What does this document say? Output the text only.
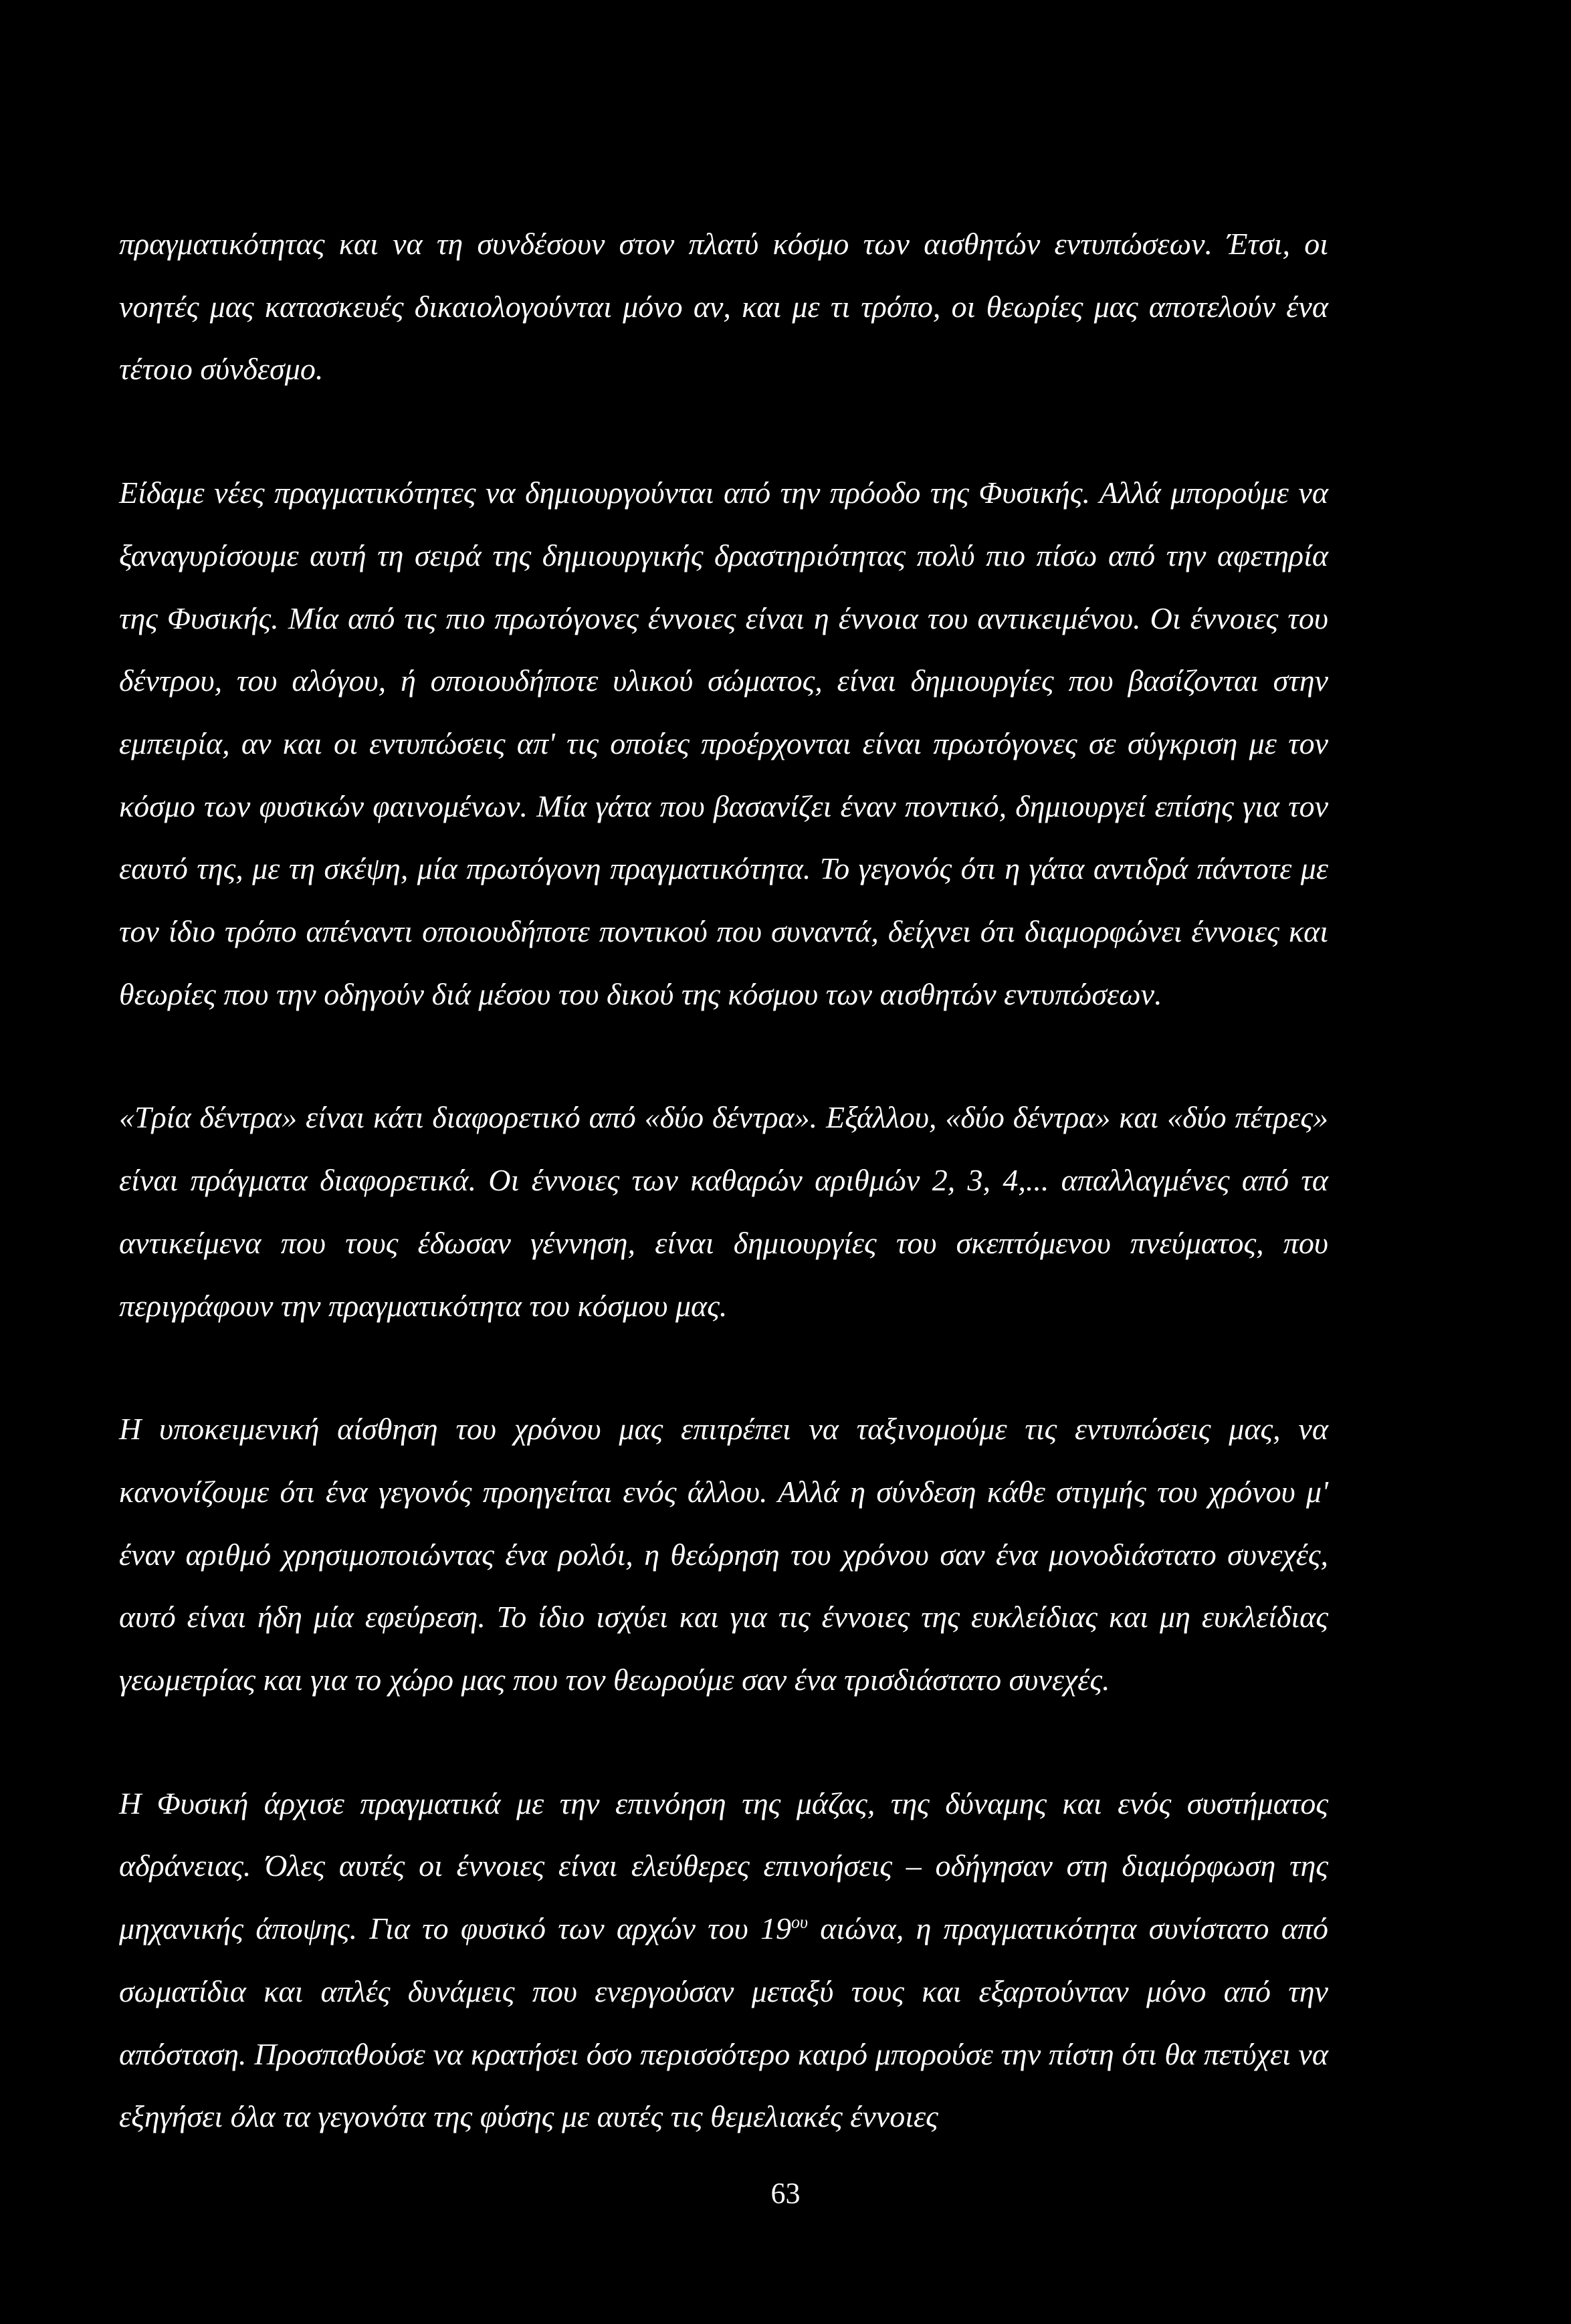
πραγματικότητας και να τη συνδέσουν στον πλατύ κόσμο των αισθητών εντυπώσεων. Έτσι, οι νοητές μας κατασκευές δικαιολογούνται μόνο αν, και με τι τρόπο, οι θεωρίες μας αποτελούν ένα τέτοιο σύνδεσμο.

Είδαμε νέες πραγματικότητες να δημιουργούνται από την πρόοδο της Φυσικής. Αλλά μπορούμε να ξαναγυρίσουμε αυτή τη σειρά της δημιουργικής δραστηριότητας πολύ πιο πίσω από την αφετηρία της Φυσικής. Μία από τις πιο πρωτόγονες έννοιες είναι η έννοια του αντικειμένου. Οι έννοιες του δέντρου, του αλόγου, ή οποιουδήποτε υλικού σώματος, είναι δημιουργίες που βασίζονται στην εμπειρία, αν και οι εντυπώσεις απ' τις οποίες προέρχονται είναι πρωτόγονες σε σύγκριση με τον κόσμο των φυσικών φαινομένων. Μία γάτα που βασανίζει έναν ποντικό, δημιουργεί επίσης για τον εαυτό της, με τη σκέψη, μία πρωτόγονη πραγματικότητα. Το γεγονός ότι η γάτα αντιδρά πάντοτε με τον ίδιο τρόπο απέναντι οποιουδήποτε ποντικού που συναντά, δείχνει ότι διαμορφώνει έννοιες και θεωρίες που την οδηγούν διά μέσου του δικού της κόσμου των αισθητών εντυπώσεων.

«Τρία δέντρα» είναι κάτι διαφορετικό από «δύο δέντρα». Εξάλλου, «δύο δέντρα» και «δύο πέτρες» είναι πράγματα διαφορετικά. Οι έννοιες των καθαρών αριθμών 2, 3, 4,... απαλλαγμένες από τα αντικείμενα που τους έδωσαν γέννηση, είναι δημιουργίες του σκεπτόμενου πνεύματος, που περιγράφουν την πραγματικότητα του κόσμου μας.

Η υποκειμενική αίσθηση του χρόνου μας επιτρέπει να ταξινομούμε τις εντυπώσεις μας, να κανονίζουμε ότι ένα γεγονός προηγείται ενός άλλου. Αλλά η σύνδεση κάθε στιγμής του χρόνου μ' έναν αριθμό χρησιμοποιώντας ένα ρολόι, η θεώρηση του χρόνου σαν ένα μονοδιάστατο συνεχές, αυτό είναι ήδη μία εφεύρεση. Το ίδιο ισχύει και για τις έννοιες της ευκλείδιας και μη ευκλείδιας γεωμετρίας και για το χώρο μας που τον θεωρούμε σαν ένα τρισδιάστατο συνεχές.

Η Φυσική άρχισε πραγματικά με την επινόηση της μάζας, της δύναμης και ενός συστήματος αδράνειας. Όλες αυτές οι έννοιες είναι ελεύθερες επινοήσεις – οδήγησαν στη διαμόρφωση της μηχανικής άποψης. Για το φυσικό των αρχών του $19^{o\upsilon}$ αιώνα, η πραγματικότητα συνίστατο από σωματίδια και απλές δυνάμεις που ενεργούσαν μεταξύ τους και εξαρτούνταν μόνο από την απόσταση. Προσπαθούσε να κρατήσει όσο περισσότερο καιρό μπορούσε την πίστη ότι θα πετύχει να εξηγήσει όλα τα γεγονότα της φύσης με αυτές τις θεμελιακές έννοιες

63
